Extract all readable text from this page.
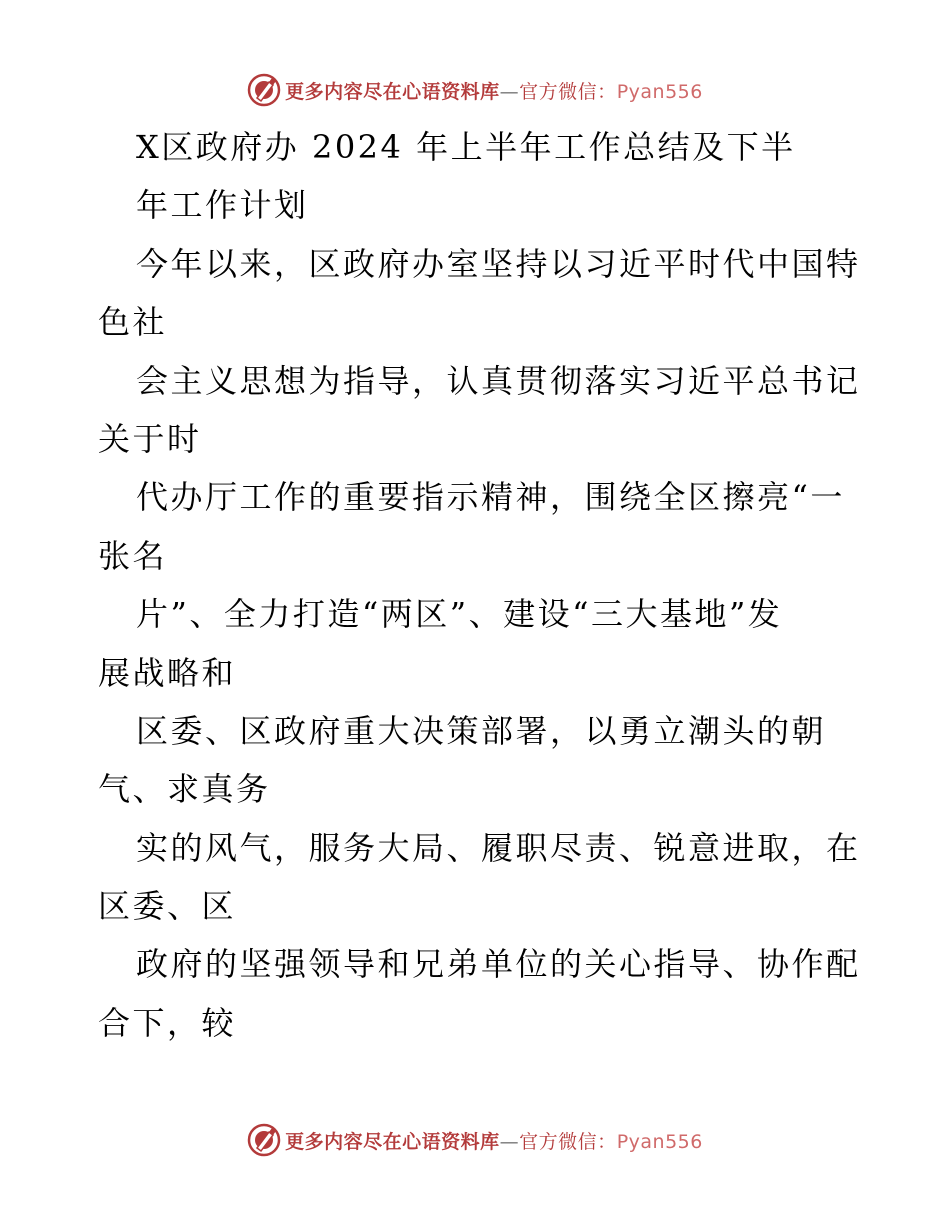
更多内容尽在心语资料库—官方微信：Pyan556
X区政府办 2024 年上半年工作总结及下半
年工作计划
今年以来，区政府办室坚持以习近平时代中国特
色社
会主义思想为指导，认真贯彻落实习近平总书记
关于时
代办厅工作的重要指示精神，围绕全区擦亮“一
张名
片”、全力打造“两区”、建设“三大基地”发
展战略和
区委、区政府重大决策部署，以勇立潮头的朝
气、求真务
实的风气，服务大局、履职尽责、锐意进取，在
区委、区
政府的坚强领导和兄弟单位的关心指导、协作配
合下，较
更多内容尽在心语资料库—官方微信：Pyan556
